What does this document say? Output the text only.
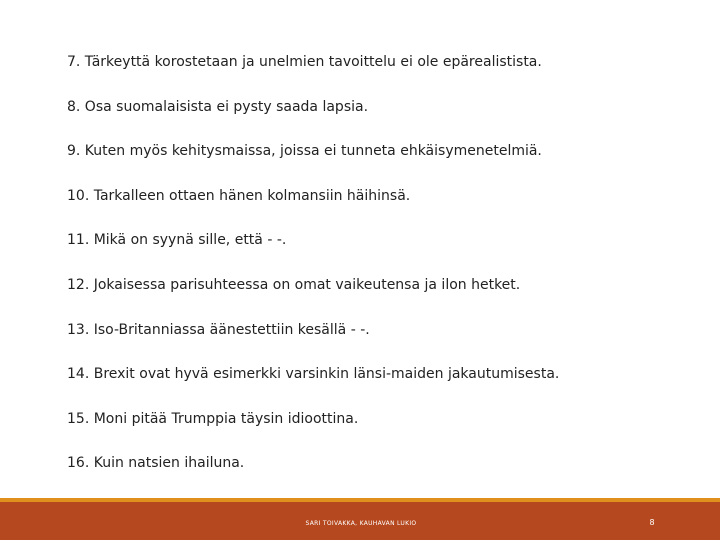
7. Tärkeyttä korostetaan ja unelmien tavoittelu ei ole epärealistista.
8. Osa suomalaisista ei pysty saada lapsia.
9. Kuten myös kehitysmaissa, joissa ei tunneta ehkäisymenetelmiä.
10. Tarkalleen ottaen hänen kolmansiin häihinsä.
11. Mikä on syynä sille, että - -.
12. Jokaisessa parisuhteessa on omat vaikeutensa ja ilon hetket.
13. Iso-Britanniassa äänestettiin kesällä - -.
14. Brexit ovat hyvä esimerkki varsinkin länsi-maiden jakautumisesta.
15. Moni pitää Trumppia täysin idioottina.
16. Kuin natsien ihailuna.
SARI TOIVAKKA, KAUHAVAN LUKIO	8
